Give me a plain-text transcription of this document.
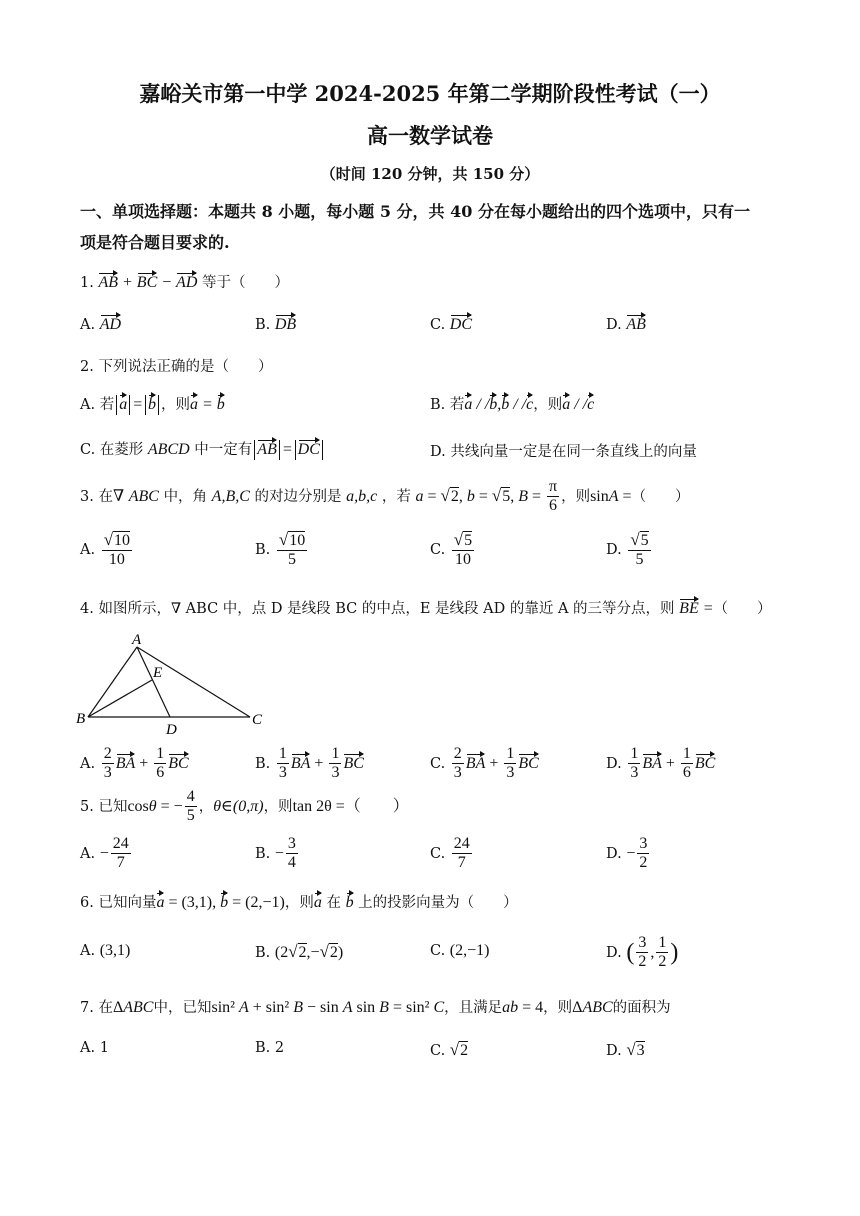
嘉峪关市第一中学 2024-2025 年第二学期阶段性考试（一）
高一数学试卷
（时间 120 分钟，共 150 分）
一、单项选择题：本题共 8 小题，每小题 5 分，共 40 分在每小题给出的四个选项中，只有一
项是符合题目要求的.
1. AB + BC − AD 等于（　　）
A. AD	B. DB	C. DC	D. AB
2. 下列说法正确的是（　　）
A. 若 a = b ，则a = b	B. 若a / /b,b / /c，则a / /c
C. 在菱形 ABCD 中一定有 AB = DC	D. 共线向量一定是在同一条直线上的向量
3. 在∇ ABC 中，角 A,B,C 的对边分别是 a,b,c ，若 a = √2, b = √5, $B = \frac{\pi}{6}$ ，则sinA =（　　）
A. $\frac{√10}{10}$	B. $\frac{√10}{5}$	C. $\frac{√5}{10}$	D. $\frac{√5}{5}$
4. 如图所示，∇ ABC 中，点 D 是线段 BC 的中点，E 是线段 AD 的靠近 A 的三等分点，则 BE =（　　）
A
E
B
D
C
A. $\frac{2}{3}$ BA + $\frac{1}{6}$ BC	B. $\frac{1}{3}$ BA + $\frac{1}{3}$ BC	C. $\frac{2}{3}$ BA + $\frac{1}{3}$ BC	D. $\frac{1}{3}$ BA + $\frac{1}{6}$ BC
5. 已知cosθ = − $\frac{4}{5}$ ，θ∈(0,π)，则tan 2θ =（　　）
A. − $\frac{24}{7}$	B. − $\frac{3}{4}$	C. $\frac{24}{7}$	D. − $\frac{3}{2}$
6. 已知向量a = (3,1), b = (2,−1)，则a 在 b 上的投影向量为（　　）
A. (3,1)	B. (2√2,−√2)	C. (2,−1)	D. ( $\frac{3}{2}$ , $\frac{1}{2}$ )
7. 在ΔABC中，已知sin² A + sin² B − sin A sin B = sin² C，且满足ab = 4，则ΔABC的面积为
A. 1	B. 2	C. √2	D. √3
